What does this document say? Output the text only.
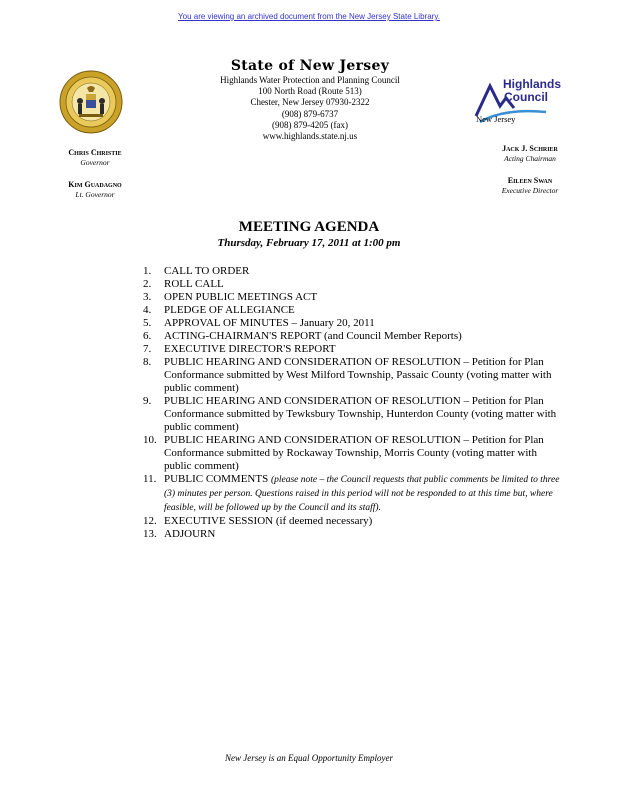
You are viewing an archived document from the New Jersey State Library.
State of New Jersey
Highlands Water Protection and Planning Council
100 North Road (Route 513)
Chester, New Jersey 07930-2322
(908) 879-6737
(908) 879-4205 (fax)
www.highlands.state.nj.us
Highlands
Council
New Jersey
Chris Christie
Governor
Kim Guadagno
Lt. Governor
Jack J. Schrier
Acting Chairman
Eileen Swan
Executive Director
MEETING AGENDA
Thursday, February 17, 2011 at 1:00 pm
1.	CALL TO ORDER
2.	ROLL CALL
3.	OPEN PUBLIC MEETINGS ACT
4.	PLEDGE OF ALLEGIANCE
5.	APPROVAL OF MINUTES – January 20, 2011
6.	ACTING-CHAIRMAN'S REPORT (and Council Member Reports)
7.	EXECUTIVE DIRECTOR'S REPORT
8.	PUBLIC HEARING AND CONSIDERATION OF RESOLUTION – Petition for Plan Conformance submitted by West Milford Township, Passaic County (voting matter with public comment)
9.	PUBLIC HEARING AND CONSIDERATION OF RESOLUTION – Petition for Plan Conformance submitted by Tewksbury Township, Hunterdon County (voting matter with public comment)
10. PUBLIC HEARING AND CONSIDERATION OF RESOLUTION – Petition for Plan Conformance submitted by Rockaway Township, Morris County (voting matter with public comment)
11. PUBLIC COMMENTS (please note – the Council requests that public comments be limited to three (3) minutes per person. Questions raised in this period will not be responded to at this time but, where feasible, will be followed up by the Council and its staff).
12. EXECUTIVE SESSION (if deemed necessary)
13. ADJOURN
New Jersey is an Equal Opportunity Employer
